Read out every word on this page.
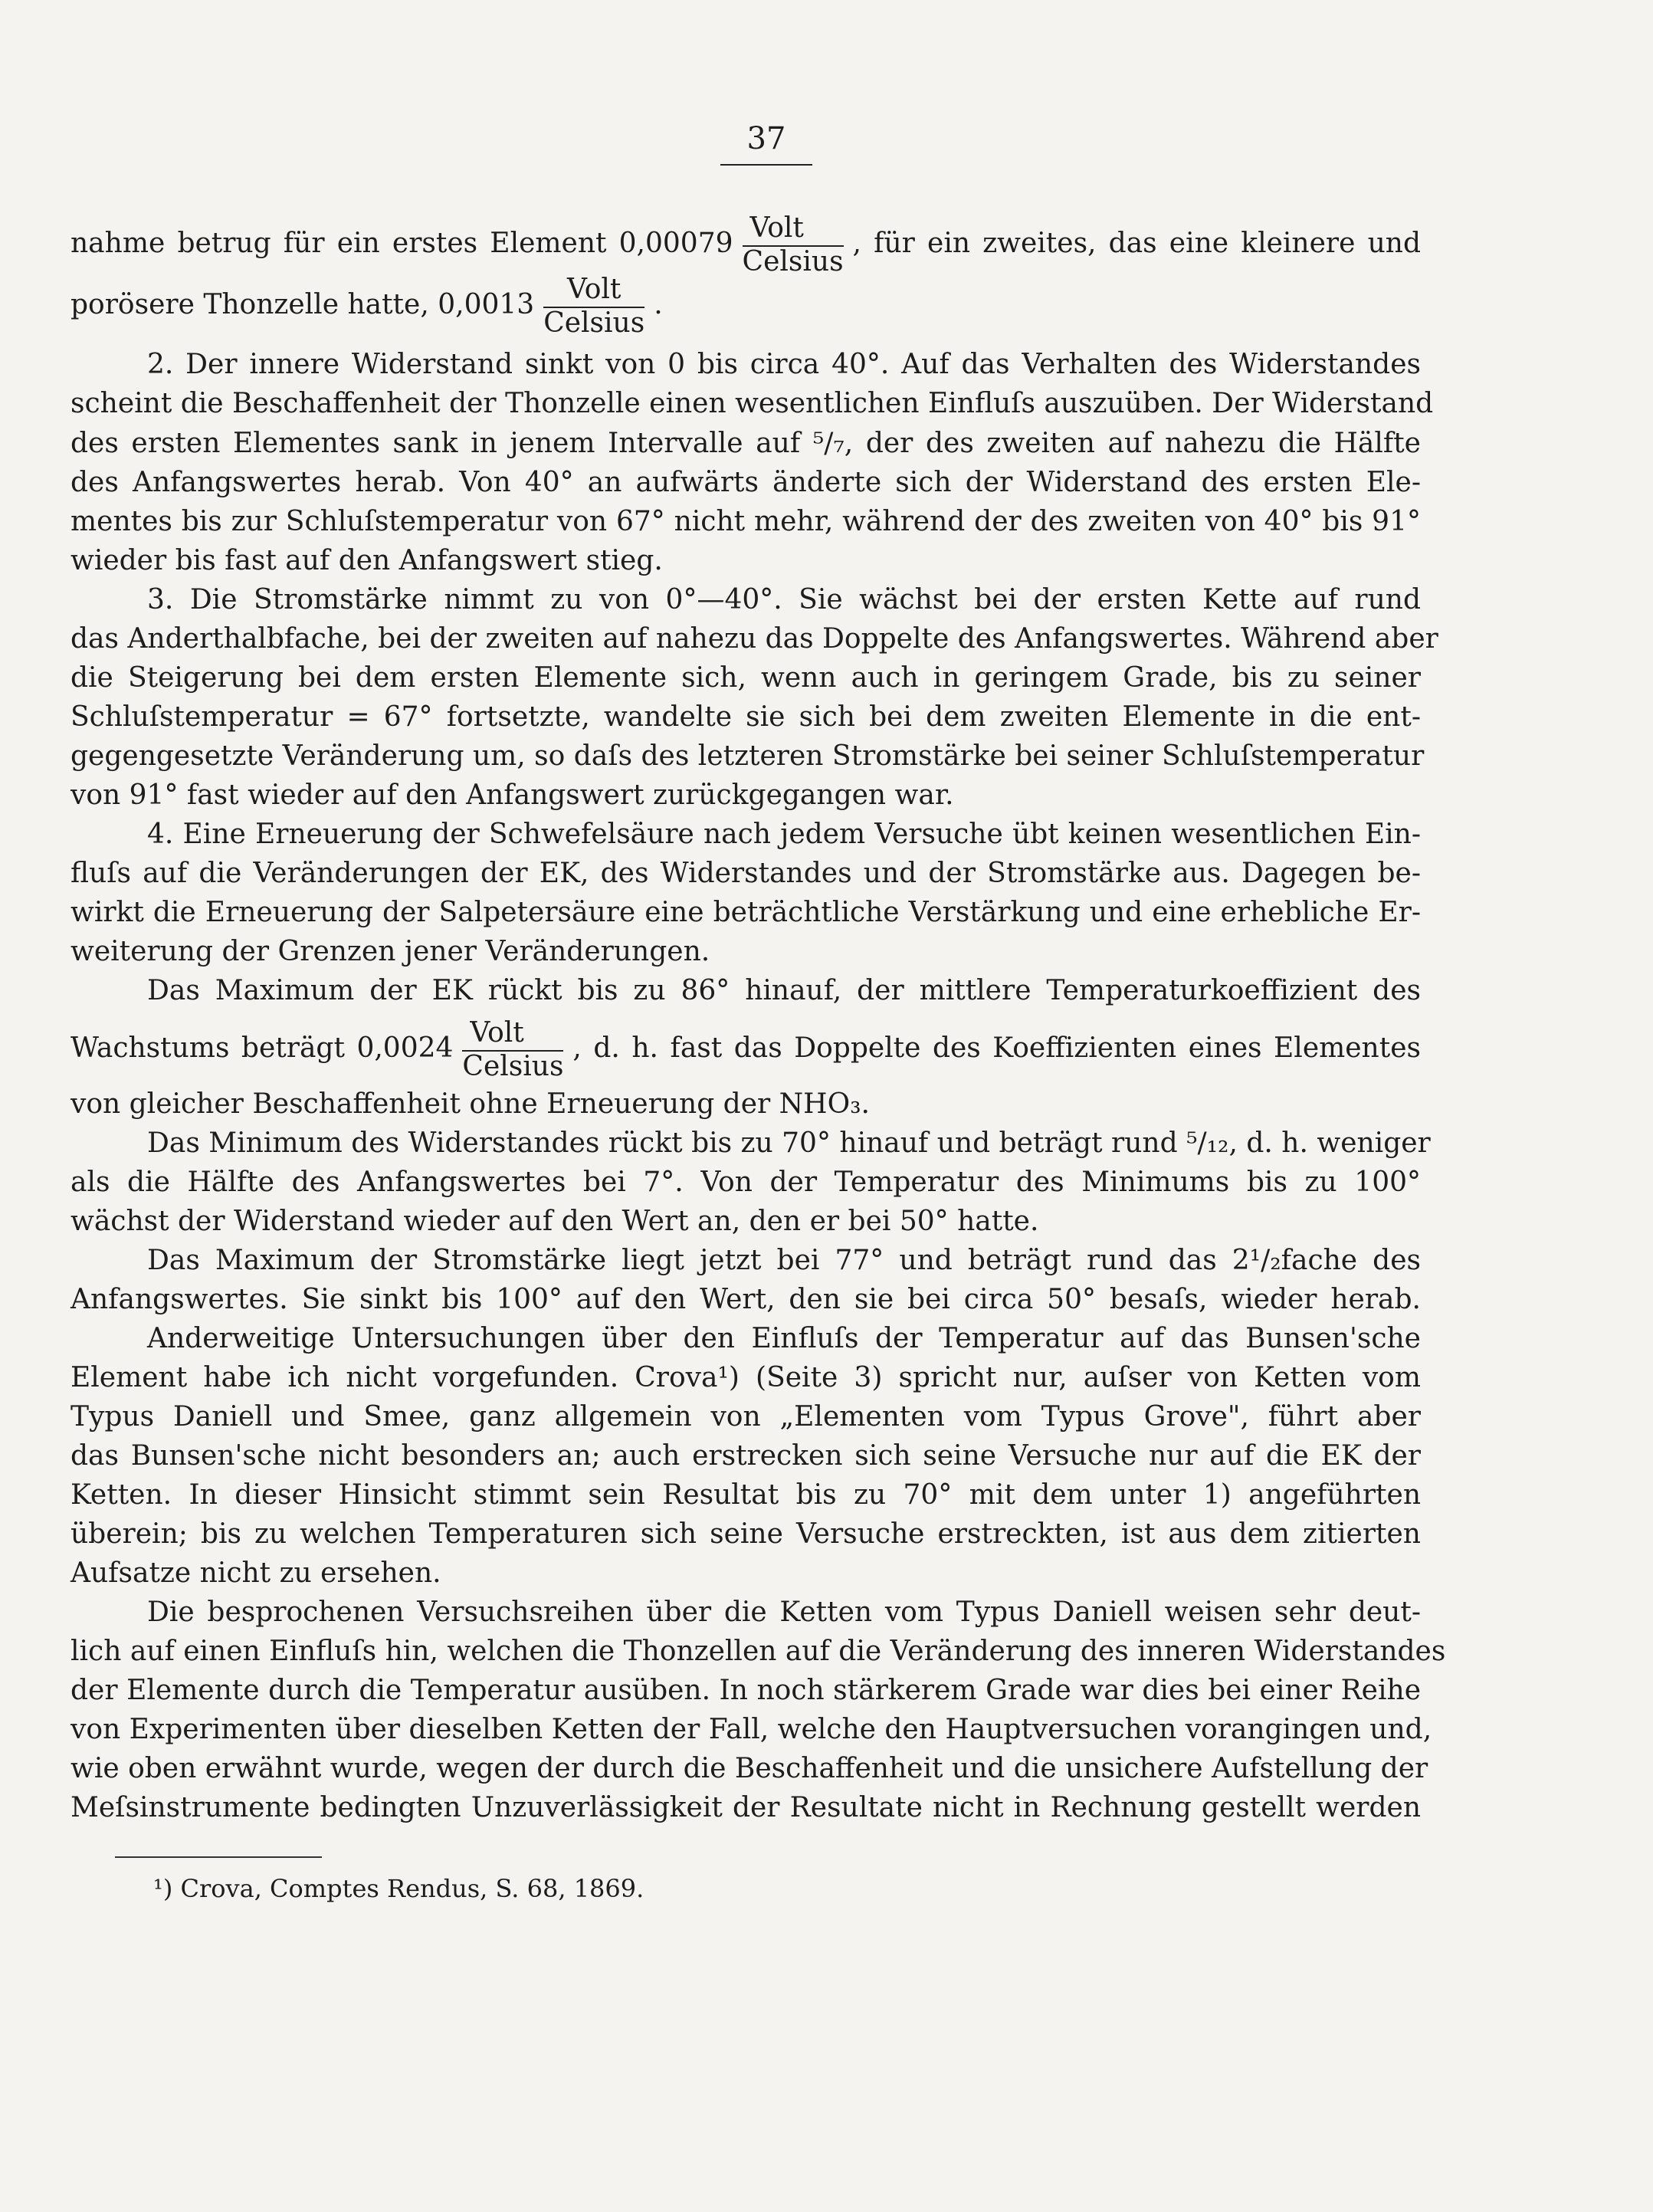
37
nahme betrug für ein erstes Element $0,00079 \frac{\text{Volt}}{\text{Celsius}}$ , für ein zweites, das eine kleinere und
porösere Thonzelle hatte, $0,0013 \frac{\text{Volt}}{\text{Celsius}}$ .
2. Der innere Widerstand sinkt von 0 bis circa 40°. Auf das Verhalten des Widerstandes
scheint die Beschaffenheit der Thonzelle einen wesentlichen Einfluſs auszuüben. Der Widerstand
des ersten Elementes sank in jenem Intervalle auf ⁵/₇, der des zweiten auf nahezu die Hälfte
des Anfangswertes herab. Von 40° an aufwärts änderte sich der Widerstand des ersten Ele-
mentes bis zur Schluſstemperatur von 67° nicht mehr, während der des zweiten von 40° bis 91°
wieder bis fast auf den Anfangswert stieg.
3. Die Stromstärke nimmt zu von 0°—40°. Sie wächst bei der ersten Kette auf rund
das Anderthalbfache, bei der zweiten auf nahezu das Doppelte des Anfangswertes. Während aber
die Steigerung bei dem ersten Elemente sich, wenn auch in geringem Grade, bis zu seiner
Schluſstemperatur = 67° fortsetzte, wandelte sie sich bei dem zweiten Elemente in die ent-
gegengesetzte Veränderung um, so daſs des letzteren Stromstärke bei seiner Schluſstemperatur
von 91° fast wieder auf den Anfangswert zurückgegangen war.
4. Eine Erneuerung der Schwefelsäure nach jedem Versuche übt keinen wesentlichen Ein-
fluſs auf die Veränderungen der EK, des Widerstandes und der Stromstärke aus. Dagegen be-
wirkt die Erneuerung der Salpetersäure eine beträchtliche Verstärkung und eine erhebliche Er-
weiterung der Grenzen jener Veränderungen.
Das Maximum der EK rückt bis zu 86° hinauf, der mittlere Temperaturkoeffizient des
Wachstums beträgt $0,0024 \frac{\text{Volt}}{\text{Celsius}}$ , d. h. fast das Doppelte des Koeffizienten eines Elementes
von gleicher Beschaffenheit ohne Erneuerung der NHO₃.
Das Minimum des Widerstandes rückt bis zu 70° hinauf und beträgt rund ⁵/₁₂, d. h. weniger
als die Hälfte des Anfangswertes bei 7°. Von der Temperatur des Minimums bis zu 100°
wächst der Widerstand wieder auf den Wert an, den er bei 50° hatte.
Das Maximum der Stromstärke liegt jetzt bei 77° und beträgt rund das 2¹/₂fache des
Anfangswertes. Sie sinkt bis 100° auf den Wert, den sie bei circa 50° besaſs, wieder herab.
Anderweitige Untersuchungen über den Einfluſs der Temperatur auf das Bunsen'sche
Element habe ich nicht vorgefunden. Crova¹) (Seite 3) spricht nur, auſser von Ketten vom
Typus Daniell und Smee, ganz allgemein von „Elementen vom Typus Grove", führt aber
das Bunsen'sche nicht besonders an; auch erstrecken sich seine Versuche nur auf die EK der
Ketten. In dieser Hinsicht stimmt sein Resultat bis zu 70° mit dem unter 1) angeführten
überein; bis zu welchen Temperaturen sich seine Versuche erstreckten, ist aus dem zitierten
Aufsatze nicht zu ersehen.
Die besprochenen Versuchsreihen über die Ketten vom Typus Daniell weisen sehr deut-
lich auf einen Einfluſs hin, welchen die Thonzellen auf die Veränderung des inneren Widerstandes
der Elemente durch die Temperatur ausüben. In noch stärkerem Grade war dies bei einer Reihe
von Experimenten über dieselben Ketten der Fall, welche den Hauptversuchen vorangingen und,
wie oben erwähnt wurde, wegen der durch die Beschaffenheit und die unsichere Aufstellung der
Meſsinstrumente bedingten Unzuverlässigkeit der Resultate nicht in Rechnung gestellt werden
¹) Crova, Comptes Rendus, S. 68, 1869.
